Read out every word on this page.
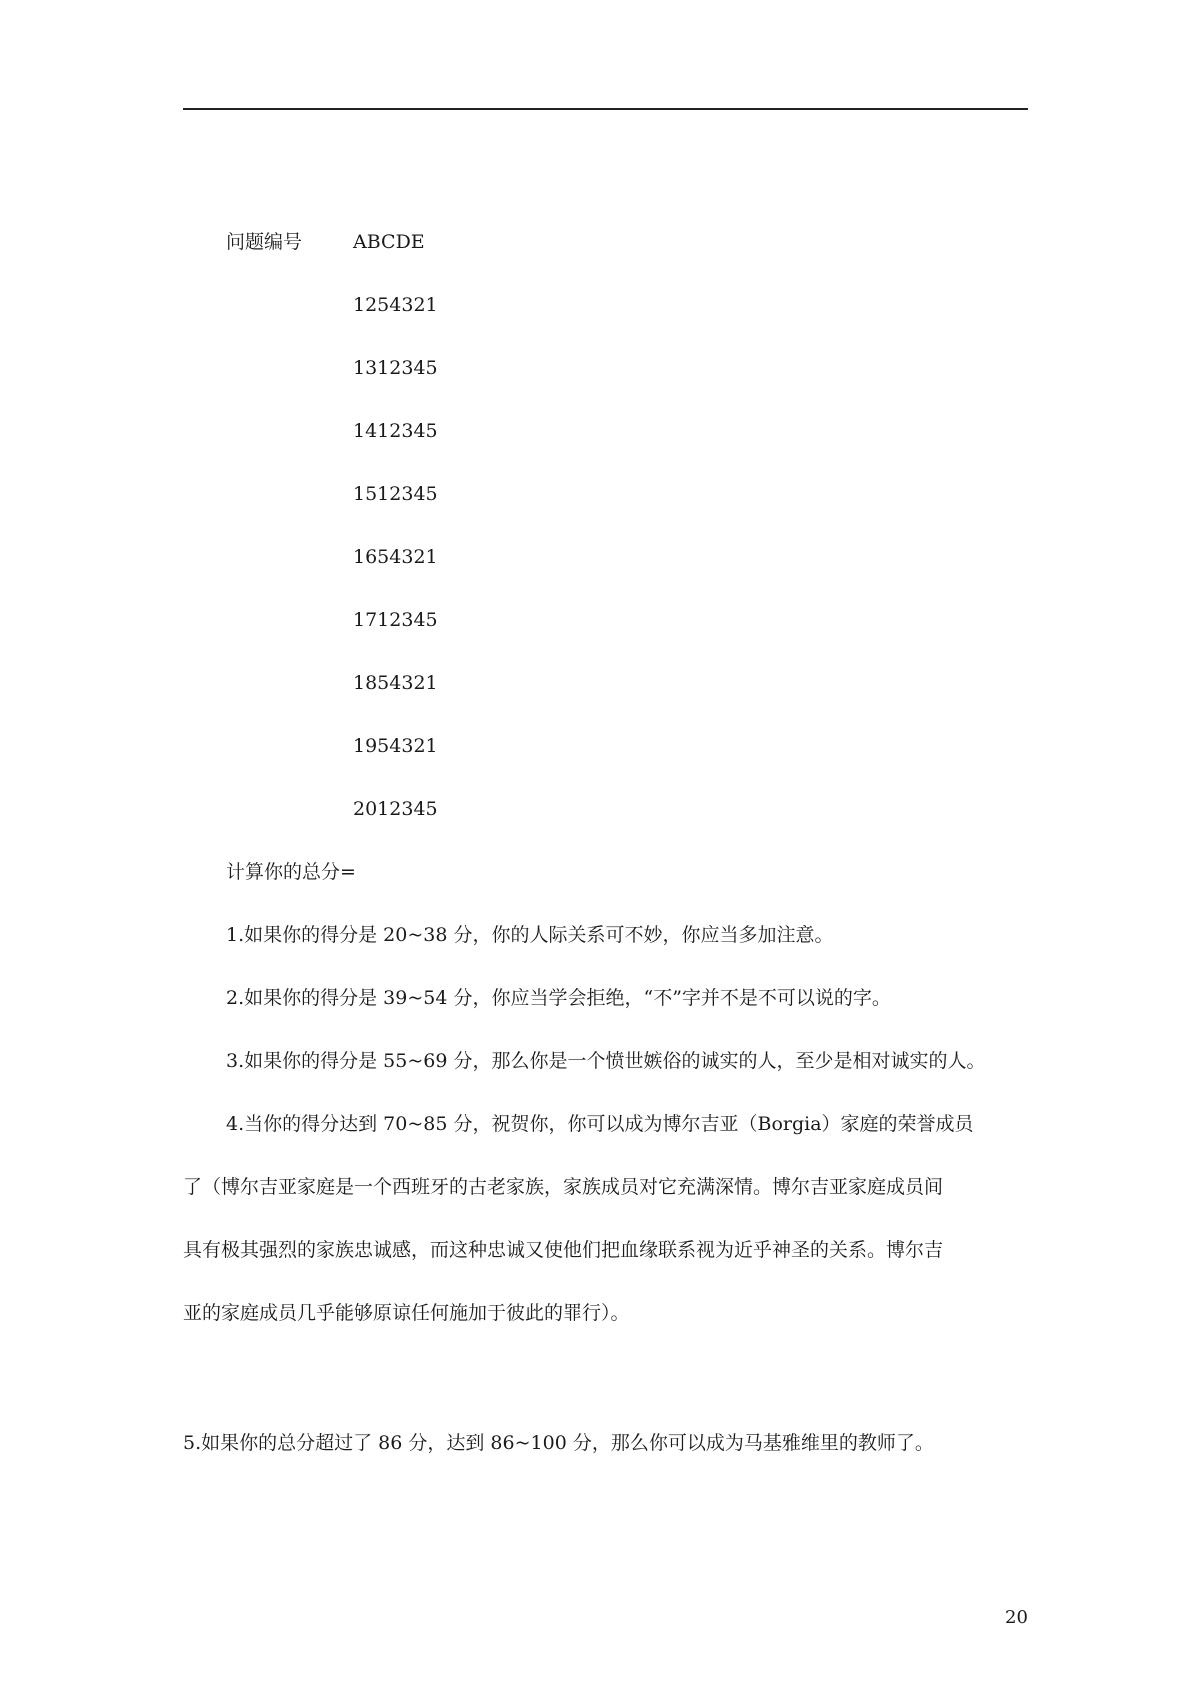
问题编号	ABCDE
1254321
1312345
1412345
1512345
1654321
1712345
1854321
1954321
2012345
计算你的总分=
1.如果你的得分是 20~38 分，你的人际关系可不妙，你应当多加注意。
2.如果你的得分是 39~54 分，你应当学会拒绝，“不”字并不是不可以说的字。
3.如果你的得分是 55~69 分，那么你是一个愤世嫉俗的诚实的人，至少是相对诚实的人。
4.当你的得分达到 70~85 分，祝贺你，你可以成为博尔吉亚（Borgia）家庭的荣誉成员
了（博尔吉亚家庭是一个西班牙的古老家族，家族成员对它充满深情。博尔吉亚家庭成员间
具有极其强烈的家族忠诚感，而这种忠诚又使他们把血缘联系视为近乎神圣的关系。博尔吉
亚的家庭成员几乎能够原谅任何施加于彼此的罪行）。
5.如果你的总分超过了 86 分，达到 86~100 分，那么你可以成为马基雅维里的教师了。
20
